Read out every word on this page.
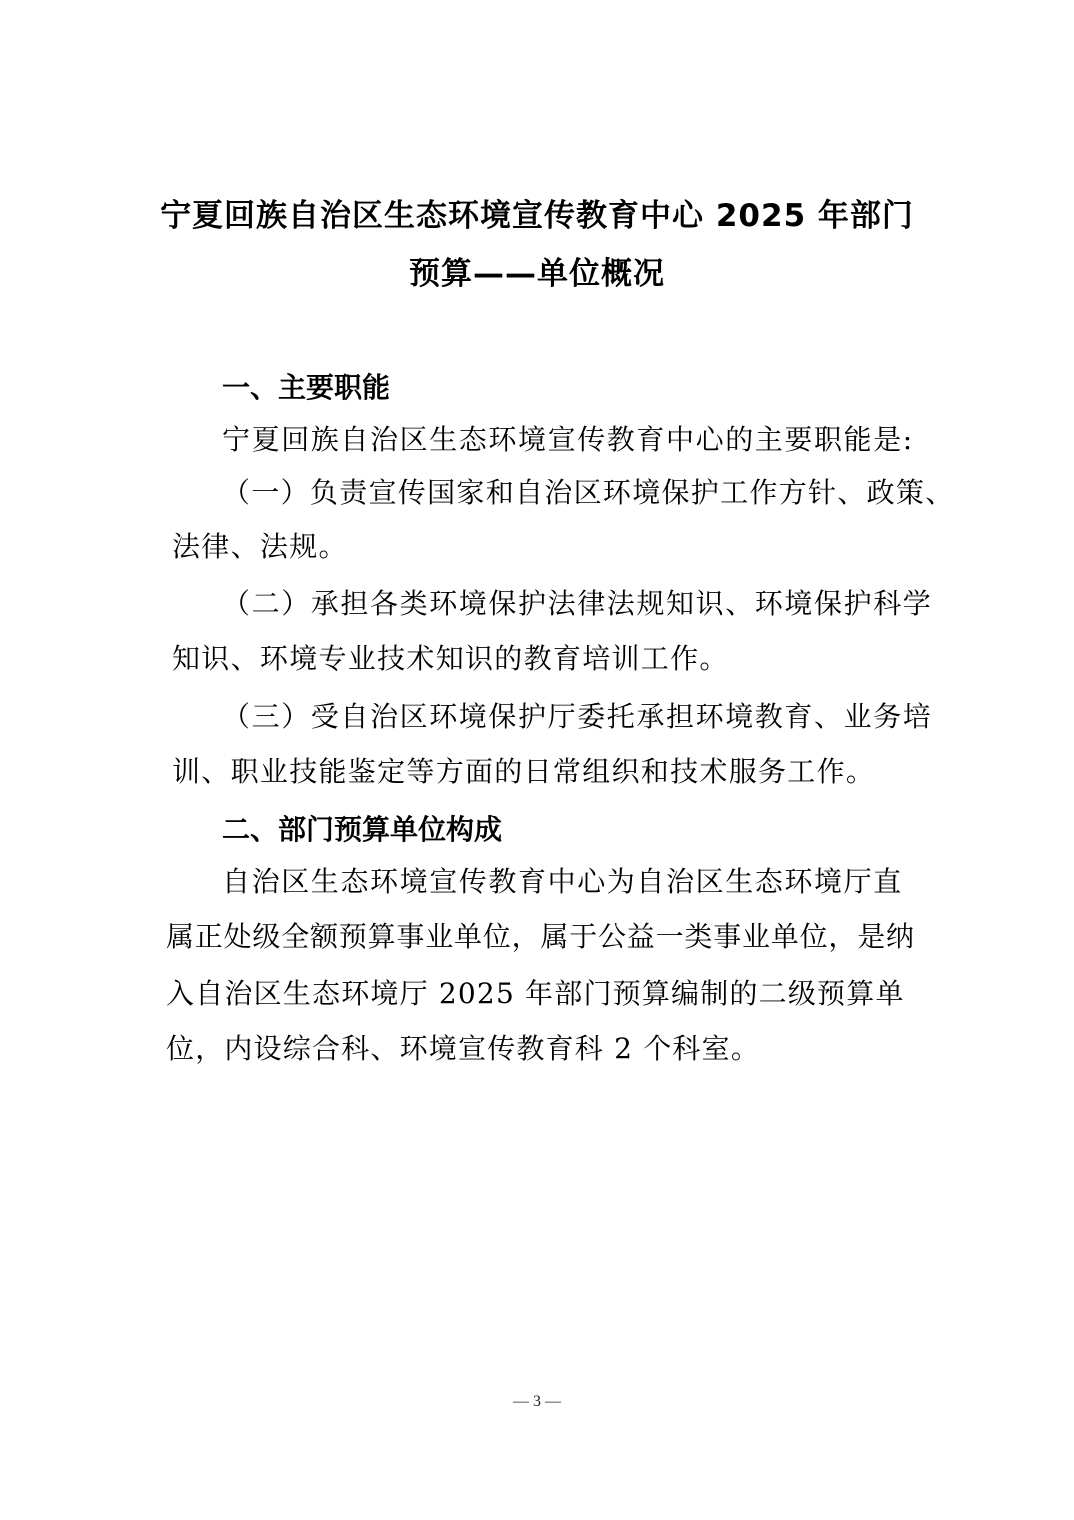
宁夏回族自治区生态环境宣传教育中心 2025 年部门
预算——单位概况
一、主要职能
宁夏回族自治区生态环境宣传教育中心的主要职能是:
（一）负责宣传国家和自治区环境保护工作方针、政策、
法律、法规。
（二）承担各类环境保护法律法规知识、环境保护科学
知识、环境专业技术知识的教育培训工作。
（三）受自治区环境保护厅委托承担环境教育、业务培
训、职业技能鉴定等方面的日常组织和技术服务工作。
二、部门预算单位构成
自治区生态环境宣传教育中心为自治区生态环境厅直
属正处级全额预算事业单位，属于公益一类事业单位，是纳
入自治区生态环境厅 2025 年部门预算编制的二级预算单
位，内设综合科、环境宣传教育科 2 个科室。
— 3 —
